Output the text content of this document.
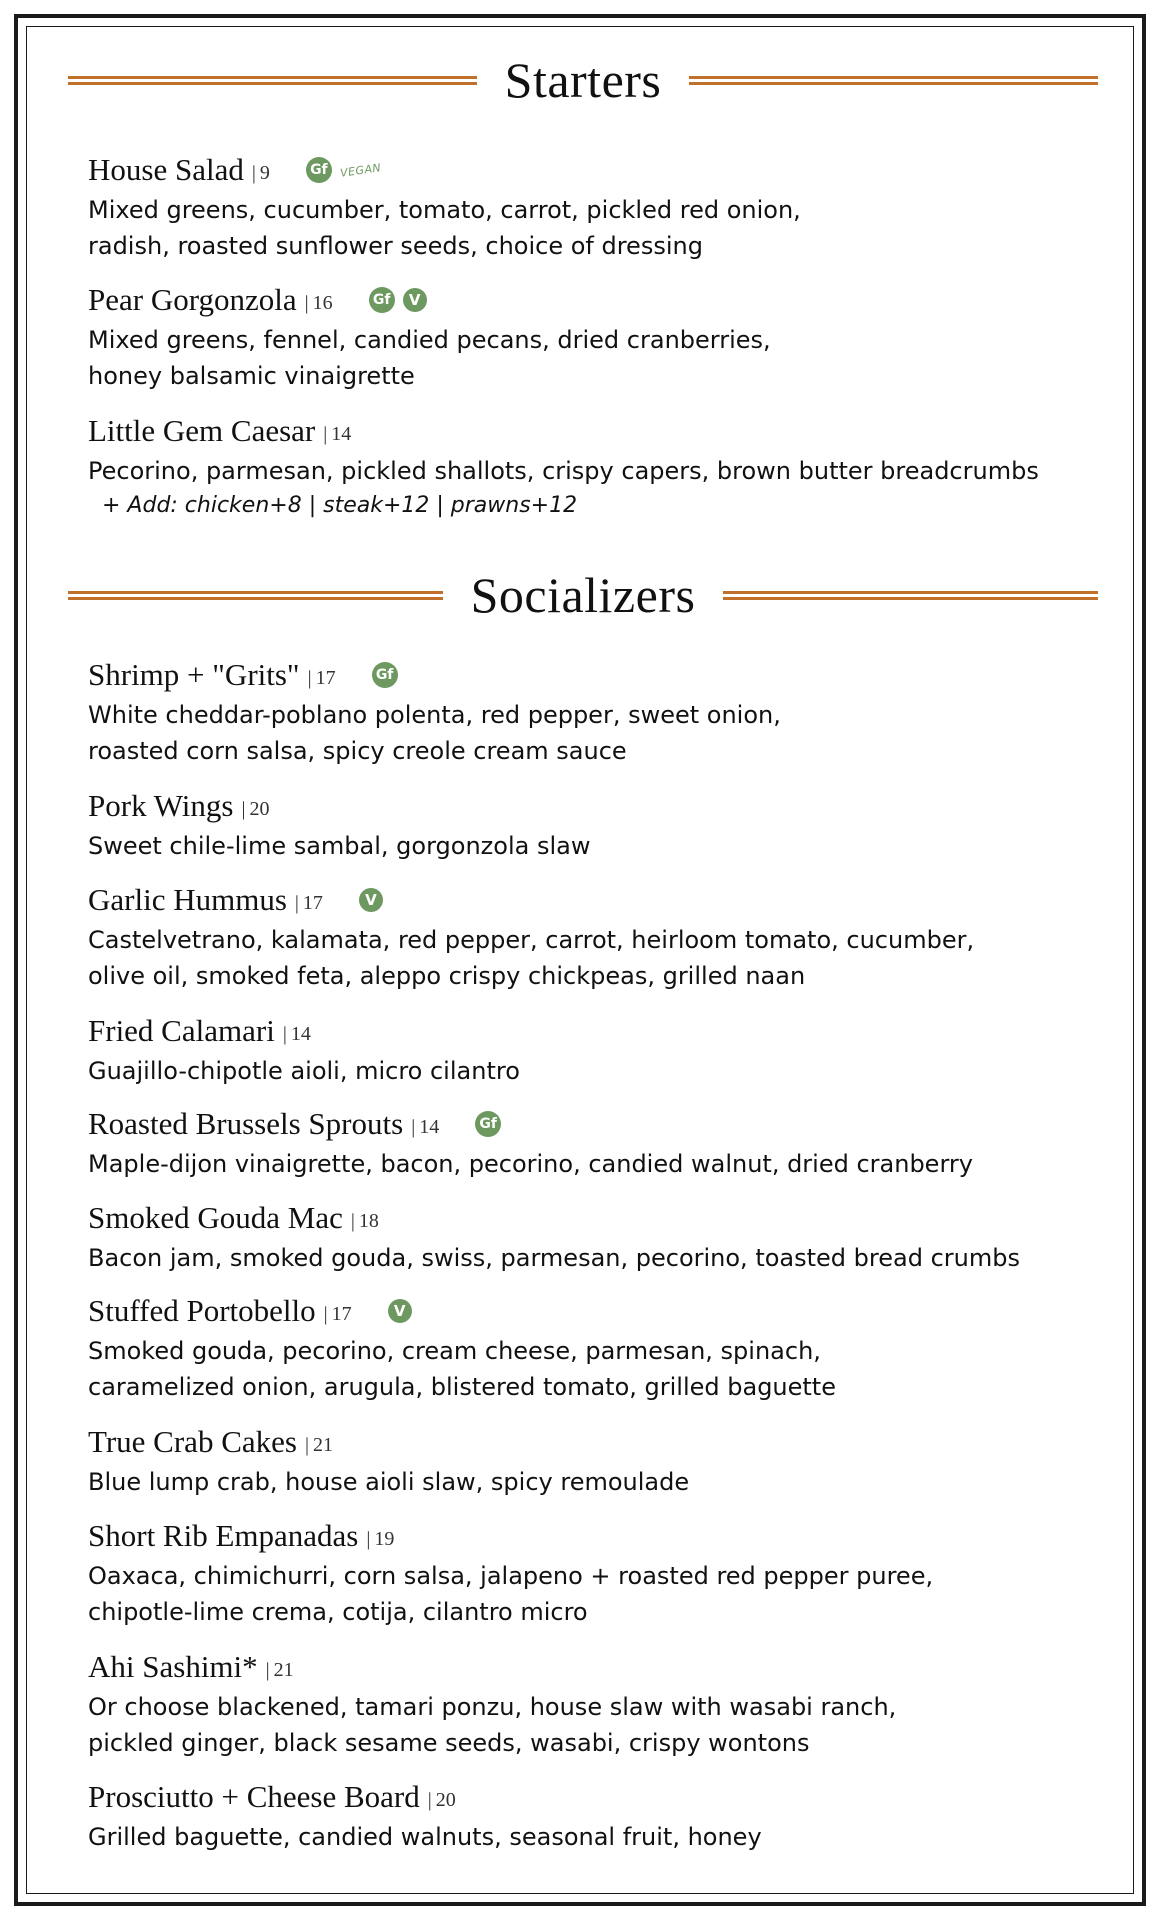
Starters
House Salad | 9	Gf	VEGAN
Mixed greens, cucumber, tomato, carrot, pickled red onion,
radish, roasted sunflower seeds, choice of dressing
Pear Gorgonzola | 16	Gf	V
Mixed greens, fennel, candied pecans, dried cranberries,
honey balsamic vinaigrette
Little Gem Caesar | 14
Pecorino, parmesan, pickled shallots, crispy capers, brown butter breadcrumbs
+ Add: chicken+8 | steak+12 | prawns+12
Socializers
Shrimp + "Grits" | 17	Gf
White cheddar-poblano polenta, red pepper, sweet onion,
roasted corn salsa, spicy creole cream sauce
Pork Wings | 20
Sweet chile-lime sambal, gorgonzola slaw
Garlic Hummus | 17	V
Castelvetrano, kalamata, red pepper, carrot, heirloom tomato, cucumber,
olive oil, smoked feta, aleppo crispy chickpeas, grilled naan
Fried Calamari | 14
Guajillo-chipotle aioli, micro cilantro
Roasted Brussels Sprouts | 14	Gf
Maple-dijon vinaigrette, bacon, pecorino, candied walnut, dried cranberry
Smoked Gouda Mac | 18
Bacon jam, smoked gouda, swiss, parmesan, pecorino, toasted bread crumbs
Stuffed Portobello | 17	V
Smoked gouda, pecorino, cream cheese, parmesan, spinach,
caramelized onion, arugula, blistered tomato, grilled baguette
True Crab Cakes | 21
Blue lump crab, house aioli slaw, spicy remoulade
Short Rib Empanadas | 19
Oaxaca, chimichurri, corn salsa, jalapeno + roasted red pepper puree,
chipotle-lime crema, cotija, cilantro micro
Ahi Sashimi* | 21
Or choose blackened, tamari ponzu, house slaw with wasabi ranch,
pickled ginger, black sesame seeds, wasabi, crispy wontons
Prosciutto + Cheese Board | 20
Grilled baguette, candied walnuts, seasonal fruit, honey
